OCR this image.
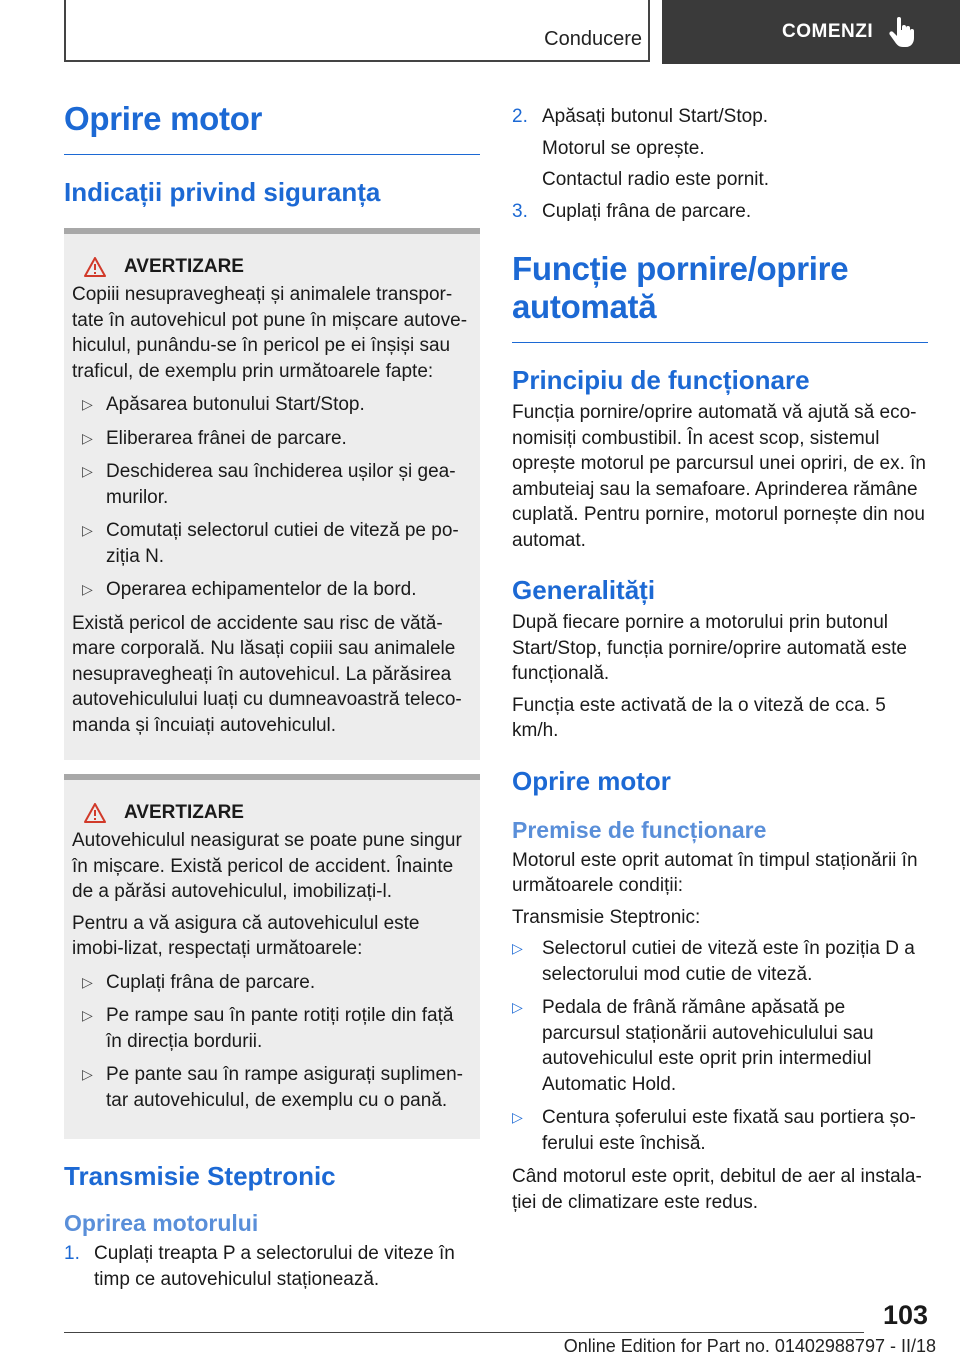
Conducere	COMENZI
Oprire motor
Indicații privind siguranța
AVERTIZARE

Copiii nesupravegheați și animalele transpor-tate în autovehicul pot pune în mișcare autove-hiculul, punându-se în pericol pe ei înșiși sau traficul, de exemplu prin următoarele fapte:

▷ Apăsarea butonului Start/Stop.
▷ Eliberarea frânei de parcare.
▷ Deschiderea sau închiderea ușilor și gea-murilor.
▷ Comutați selectorul cutiei de viteză pe po-ziția N.
▷ Operarea echipamentelor de la bord.

Există pericol de accidente sau risc de vătă-mare corporală. Nu lăsați copiii sau animalele nesupravegheați în autovehicul. La părăsirea autovehiculului luați cu dumneavoastră teleco-manda și încuiați autovehiculul.

AVERTIZARE

Autovehiculul neasigurat se poate pune singur în mișcare. Există pericol de accident. Înainte de a părăsi autovehiculul, imobilizați-l.

Pentru a vă asigura că autovehiculul este imobi-lizat, respectați următoarele:

▷ Cuplați frâna de parcare.
▷ Pe rampe sau în pante rotiți roțile din față în direcția bordurii.
▷ Pe pante sau în rampe asigurați suplimen-tar autovehiculul, de exemplu cu o pană.
Transmisie Steptronic
Oprirea motorului
1. Cuplați treapta P a selectorului de viteze în timp ce autovehiculul staționează.
2. Apăsați butonul Start/Stop.
Motorul se oprește.
Contactul radio este pornit.
3. Cuplați frâna de parcare.
Funcție pornire/oprire automată
Principiu de funcționare

Funcția pornire/oprire automată vă ajută să eco-nomisiți combustibil. În acest scop, sistemul oprește motorul pe parcursul unei opriri, de ex. în ambuteiaj sau la semafoare. Aprinderea rămâne cuplată. Pentru pornire, motorul pornește din nou automat.

Generalități

După fiecare pornire a motorului prin butonul Start/Stop, funcția pornire/oprire automată este funcțională.

Funcția este activată de la o viteză de cca. 5 km/h.

Oprire motor
Premise de funcționare

Motorul este oprit automat în timpul staționării în următoarele condiții:

Transmisie Steptronic:

▷ Selectorul cutiei de viteză este în poziția D a selectorului mod cutie de viteză.
▷ Pedala de frână rămâne apăsată pe parcursul staționării autovehiculului sau autovehiculul este oprit prin intermediul Automatic Hold.
▷ Centura șoferului este fixată sau portiera șo-ferului este închisă.

Când motorul este oprit, debitul de aer al instala-ției de climatizare este redus.

103
Online Edition for Part no. 01402988797 - II/18
